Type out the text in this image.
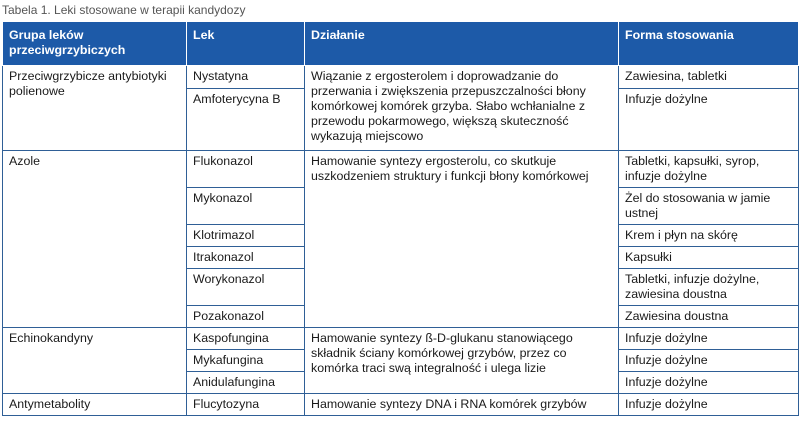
Tabela 1. Leki stosowane w terapii kandydozy
Grupa leków przeciwgrzybiczych	Lek	Działanie	Forma stosowania
Przeciwgrzybicze antybiotyki polienowe	Nystatyna	Wiązanie z ergosterolem i doprowadzanie do przerwania i zwiększenia przepuszczalności błony komórkowej komórek grzyba. Słabo wchłanialne z przewodu pokarmowego, większą skuteczność wykazują miejscowo	Zawiesina, tabletki
	Amfoterycyna B		Infuzje dożylne
Azole	Flukonazol	Hamowanie syntezy ergosterolu, co skutkuje uszkodzeniem struktury i funkcji błony komórkowej	Tabletki, kapsułki, syrop, infuzje dożylne
	Mykonazol		Żel do stosowania w jamie ustnej
	Klotrimazol		Krem i płyn na skórę
	Itrakonazol		Kapsułki
	Worykonazol		Tabletki, infuzje dożylne, zawiesina doustna
	Pozakonazol		Zawiesina doustna
Echinokandyny	Kaspofungina	Hamowanie syntezy ß-D-glukanu stanowiącego składnik ściany komórkowej grzybów, przez co komórka traci swą integralność i ulega lizie	Infuzje dożylne
	Mykafungina		Infuzje dożylne
	Anidulafungina		Infuzje dożylne
Antymetabolity	Flucytozyna	Hamowanie syntezy DNA i RNA komórek grzybów	Infuzje dożylne
